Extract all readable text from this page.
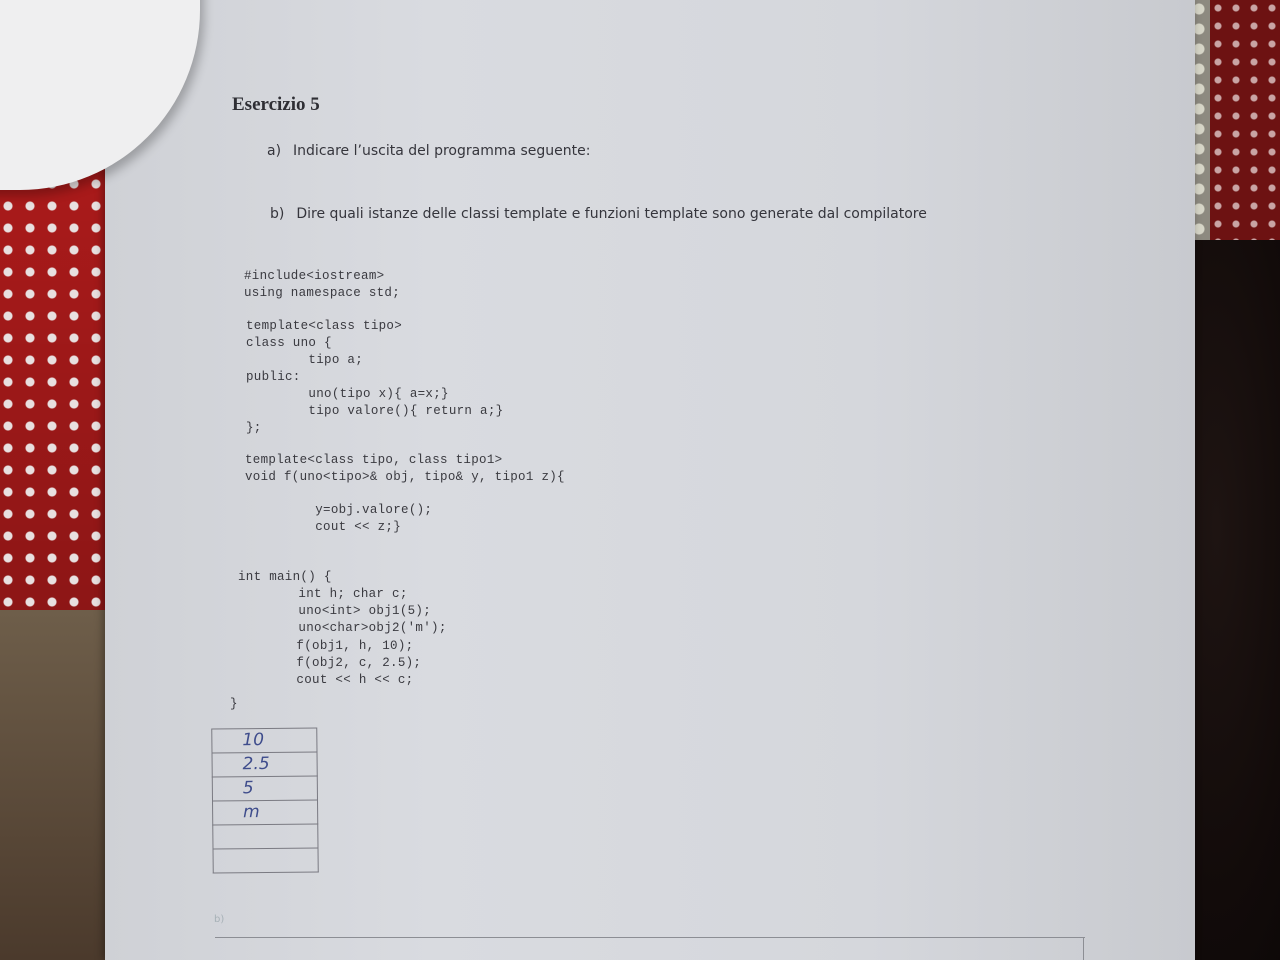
Esercizio 5
a) Indicare l’uscita del programma seguente:
b) Dire quali istanze delle classi template e funzioni template sono generate dal compilatore
#include<iostream>
using namespace std;
template<class tipo>
class uno {
tipo a;
public:
uno(tipo x){ a=x;}
tipo valore(){ return a;}
};
template<class tipo, class tipo1>
void f(uno<tipo>& obj, tipo& y, tipo1 z){
y=obj.valore();
cout << z;}
int main() {
int h; char c;
uno<int> obj1(5);
uno<char>obj2('m');
f(obj1, h, 10);
f(obj2, c, 2.5);
cout << h << c;
}
10
2.5
5
m
b)
